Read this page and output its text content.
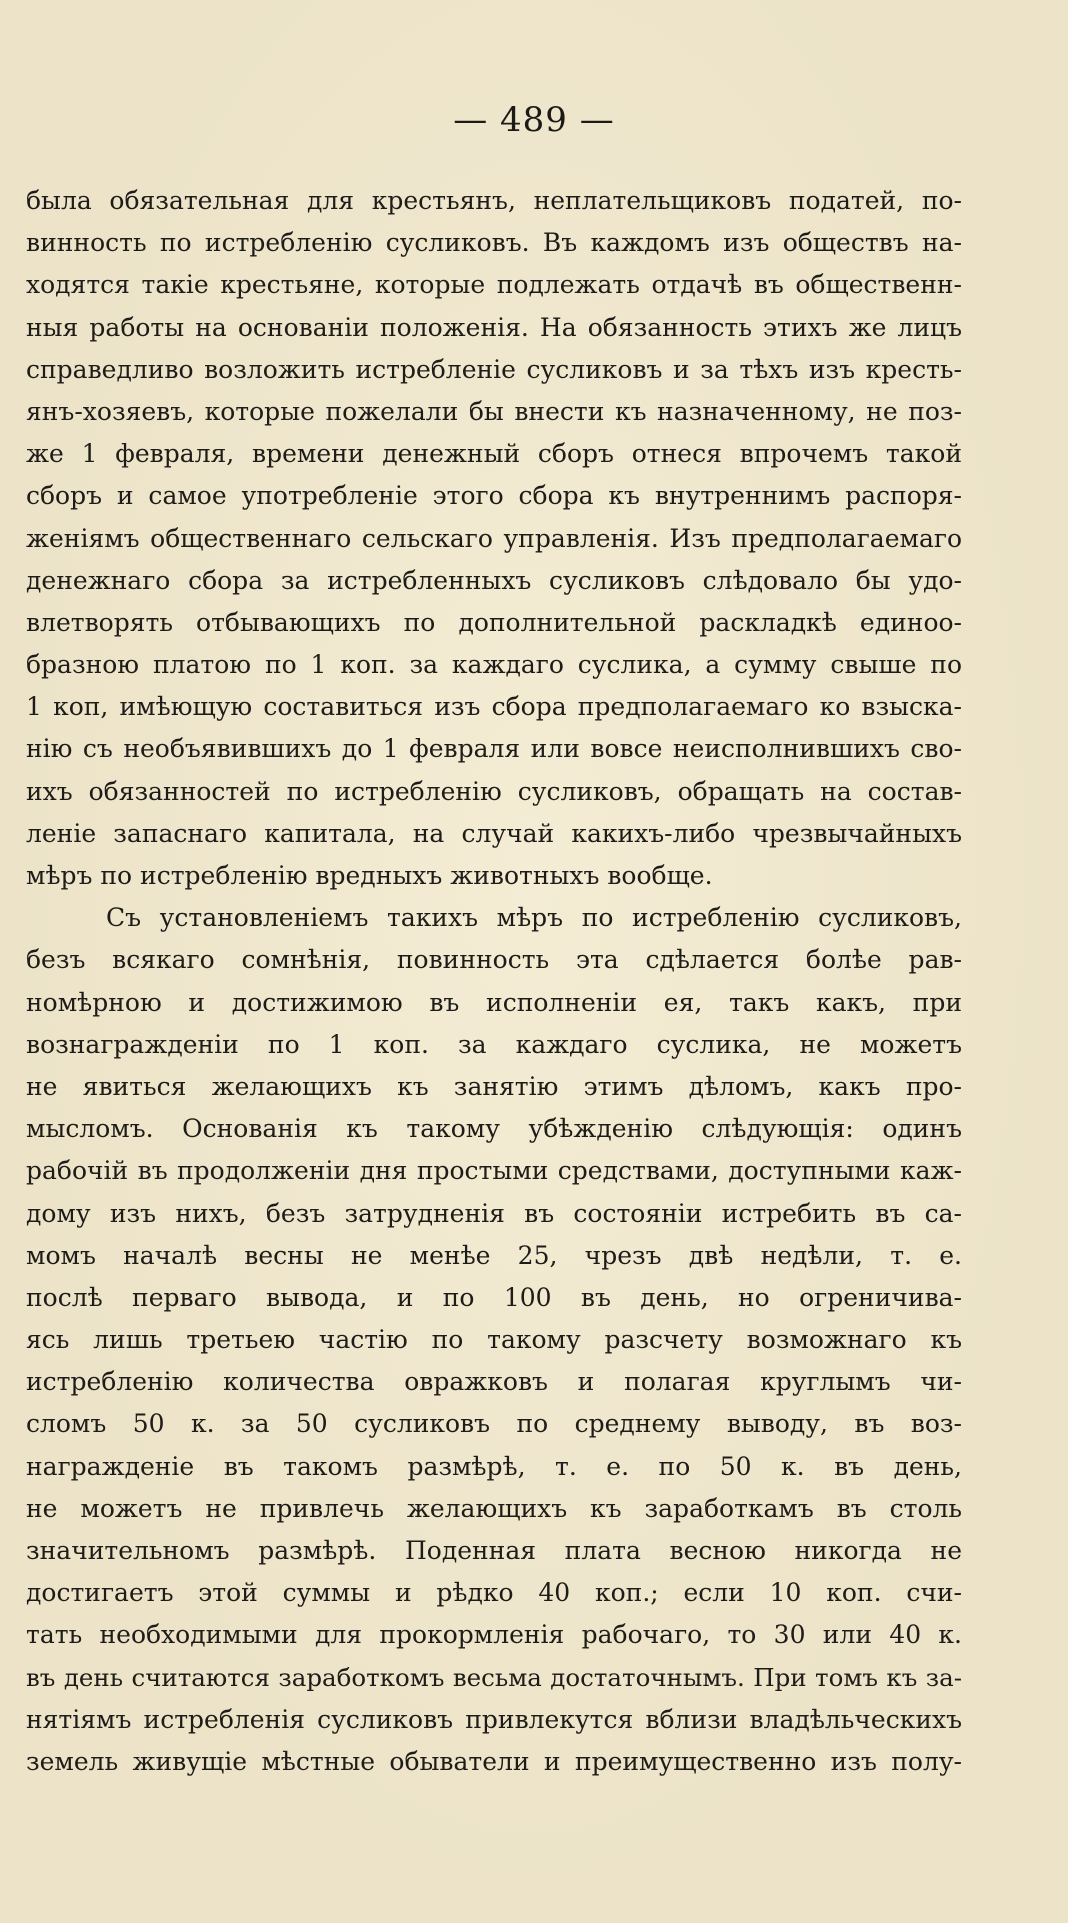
— 489 —
была обязательная для крестьянъ, неплательщиковъ податей, по-
винность по истребленію сусликовъ. Въ каждомъ изъ обществъ на-
ходятся такіе крестьяне, которые подлежать отдачѣ въ общественн-
ныя работы на основаніи положенія. На обязанность этихъ же лицъ
справедливо возложить истребленіе сусликовъ и за тѣхъ изъ кресть-
янъ-хозяевъ, которые пожелали бы внести къ назначенному, не поз-
же 1 февраля, времени денежный сборъ отнеся впрочемъ такой
сборъ и самое употребленіе этого сбора къ внутреннимъ распоря-
женіямъ общественнаго сельскаго управленія. Изъ предполагаемаго
денежнаго сбора за истребленныхъ сусликовъ слѣдовало бы удо-
влетворять отбывающихъ по дополнительной раскладкѣ единоо-
бразною платою по 1 коп. за каждаго суслика, а сумму свыше по
1 коп, имѣющую составиться изъ сбора предполагаемаго ко взыска-
нію съ необъявившихъ до 1 февраля или вовсе неисполнившихъ сво-
ихъ обязанностей по истребленію сусликовъ, обращать на состав-
леніе запаснаго капитала, на случай какихъ-либо чрезвычайныхъ
мѣръ по истребленію вредныхъ животныхъ вообще.
Съ установленіемъ такихъ мѣръ по истребленію сусликовъ,
безъ всякаго сомнѣнія, повинность эта сдѣлается болѣе рав-
номѣрною и достижимою въ исполненіи ея, такъ какъ, при
вознагражденіи по 1 коп. за каждаго суслика, не можетъ
не явиться желающихъ къ занятію этимъ дѣломъ, какъ про-
мысломъ. Основанія къ такому убѣжденію слѣдующія: одинъ
рабочій въ продолженіи дня простыми средствами, доступными каж-
дому изъ нихъ, безъ затрудненія въ состояніи истребить въ са-
момъ началѣ весны не менѣе 25, чрезъ двѣ недѣли, т. е.
послѣ перваго вывода, и по 100 въ день, но огреничива-
ясь лишь третьею частію по такому разсчету возможнаго къ
истребленію количества овражковъ и полагая круглымъ чи-
сломъ 50 к. за 50 сусликовъ по среднему выводу, въ воз-
награжденіе въ такомъ размѣрѣ, т. е. по 50 к. въ день,
не можетъ не привлечь желающихъ къ заработкамъ въ столь
значительномъ размѣрѣ. Поденная плата весною никогда не
достигаетъ этой суммы и рѣдко 40 коп.; если 10 коп. счи-
тать необходимыми для прокормленія рабочаго, то 30 или 40 к.
въ день считаются заработкомъ весьма достаточнымъ. При томъ къ за-
нятіямъ истребленія сусликовъ привлекутся вблизи владѣльческихъ
земель живущіе мѣстные обыватели и преимущественно изъ полу-
